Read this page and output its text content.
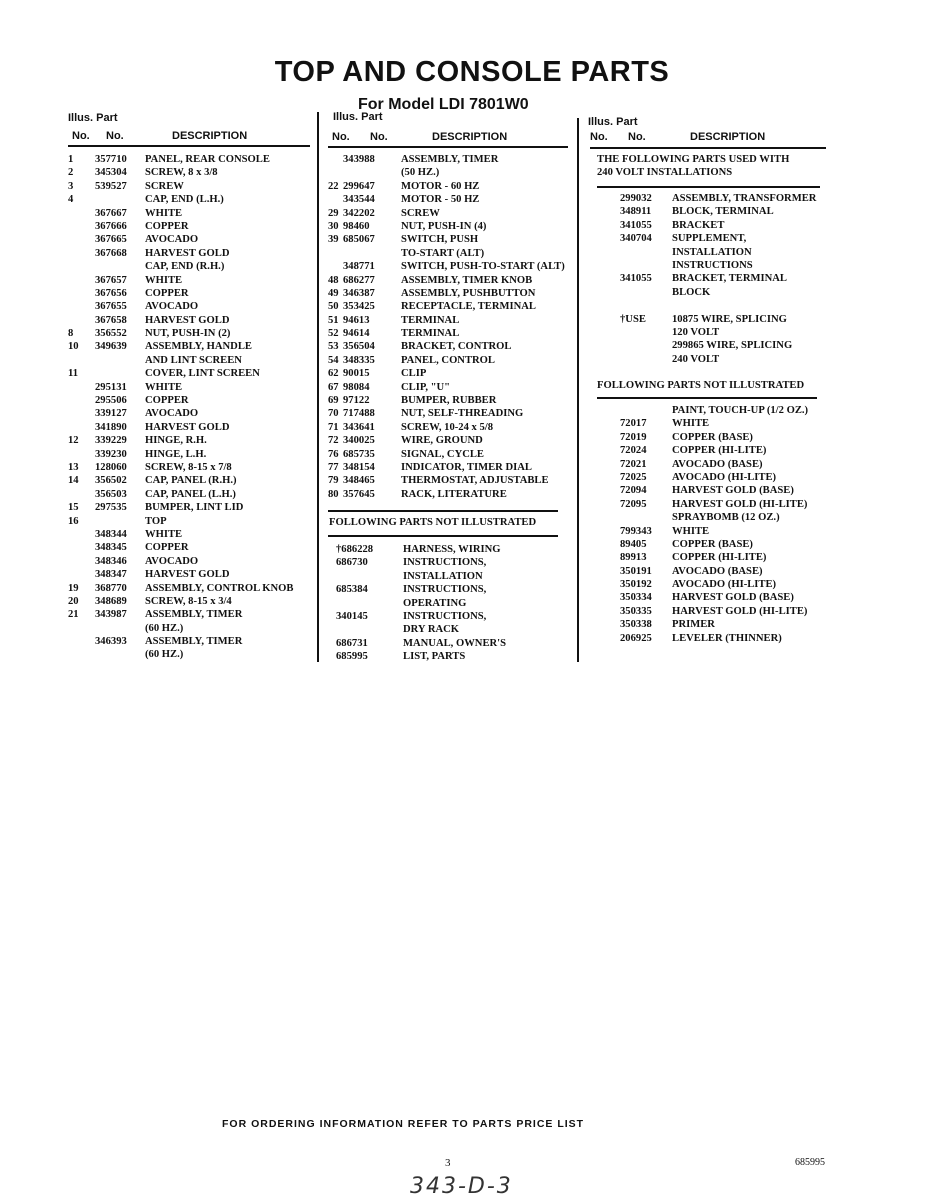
TOP AND CONSOLE PARTS
For Model LDI 7801W0
Illus. Part

No. No.	DESCRIPTION

Illus. Part

No. No.	DESCRIPTION

Illus. Part

No. No.	DESCRIPTION

1 357710 PANEL, REAR CONSOLE
2 345304 SCREW, 8 x 3/8
3 539527 SCREW
4	CAP, END (L.H.)
367667 WHITE
367666 COPPER
367665 AVOCADO
367668 HARVEST GOLD
CAP, END (R.H.)
367657 WHITE
367656 COPPER
367655 AVOCADO
367658 HARVEST GOLD
8 356552 NUT, PUSH-IN (2)
10 349639 ASSEMBLY, HANDLE
AND LINT SCREEN
11	COVER, LINT SCREEN
295131 WHITE
295506 COPPER
339127 AVOCADO
341890 HARVEST GOLD
12 339229 HINGE, R.H.
339230 HINGE, L.H.
13 128060 SCREW, 8-15 x 7/8
14 356502 CAP, PANEL (R.H.)
356503 CAP, PANEL (L.H.)
15 297535 BUMPER, LINT LID
16	TOP
348344 WHITE
348345 COPPER
348346 AVOCADO
348347 HARVEST GOLD
19 368770 ASSEMBLY, CONTROL KNOB
20 348689 SCREW, 8-15 x 3/4
21 343987 ASSEMBLY, TIMER
(60 HZ.)
346393 ASSEMBLY, TIMER
(60 HZ.)
343988 ASSEMBLY, TIMER
(50 HZ.)
22 299647 MOTOR - 60 HZ
343544 MOTOR - 50 HZ
29 342202 SCREW
30 98460	NUT, PUSH-IN (4)
39 685067 SWITCH, PUSH
TO-START (ALT)
348771 SWITCH, PUSH-TO-START (ALT)
48 686277 ASSEMBLY, TIMER KNOB
49 346387 ASSEMBLY, PUSHBUTTON
50 353425 RECEPTACLE, TERMINAL
51 94613	TERMINAL
52 94614	TERMINAL
53 356504 BRACKET, CONTROL
54 348335 PANEL, CONTROL
62 90015	CLIP
67 98084	CLIP, "U"
69 97122	BUMPER, RUBBER
70 717488 NUT, SELF-THREADING
71 343641 SCREW, 10-24 x 5/8
72 340025 WIRE, GROUND
76 685735 SIGNAL, CYCLE
77 348154 INDICATOR, TIMER DIAL
79 348465 THERMOSTAT, ADJUSTABLE
80 357645 RACK, LITERATURE
FOLLOWING PARTS NOT ILLUSTRATED
†686228	HARNESS, WIRING
686730	INSTRUCTIONS,
INSTALLATION
685384	INSTRUCTIONS,
OPERATING
340145	INSTRUCTIONS,
DRY RACK
686731	MANUAL, OWNER'S
685995	LIST, PARTS
THE FOLLOWING PARTS USED WITH
240 VOLT INSTALLATIONS
299032 ASSEMBLY, TRANSFORMER
348911 BLOCK, TERMINAL
341055 BRACKET
340704 SUPPLEMENT,
INSTALLATION
INSTRUCTIONS
341055 BRACKET, TERMINAL
BLOCK
†USE 10875 WIRE, SPLICING
120 VOLT
299865 WIRE, SPLICING
240 VOLT
FOLLOWING PARTS NOT ILLUSTRATED
PAINT, TOUCH-UP (1/2 OZ.)
72017 WHITE
72019 COPPER (BASE)
72024 COPPER (HI-LITE)
72021 AVOCADO (BASE)
72025 AVOCADO (HI-LITE)
72094 HARVEST GOLD (BASE)
72095 HARVEST GOLD (HI-LITE)
SPRAYBOMB (12 OZ.)
799343 WHITE
89405 COPPER (BASE)
89913 COPPER (HI-LITE)
350191 AVOCADO (BASE)
350192 AVOCADO (HI-LITE)
350334 HARVEST GOLD (BASE)
350335 HARVEST GOLD (HI-LITE)
350338 PRIMER
206925 LEVELER (THINNER)
FOR ORDERING INFORMATION REFER TO PARTS PRICE LIST
3	685995
343-D-3
